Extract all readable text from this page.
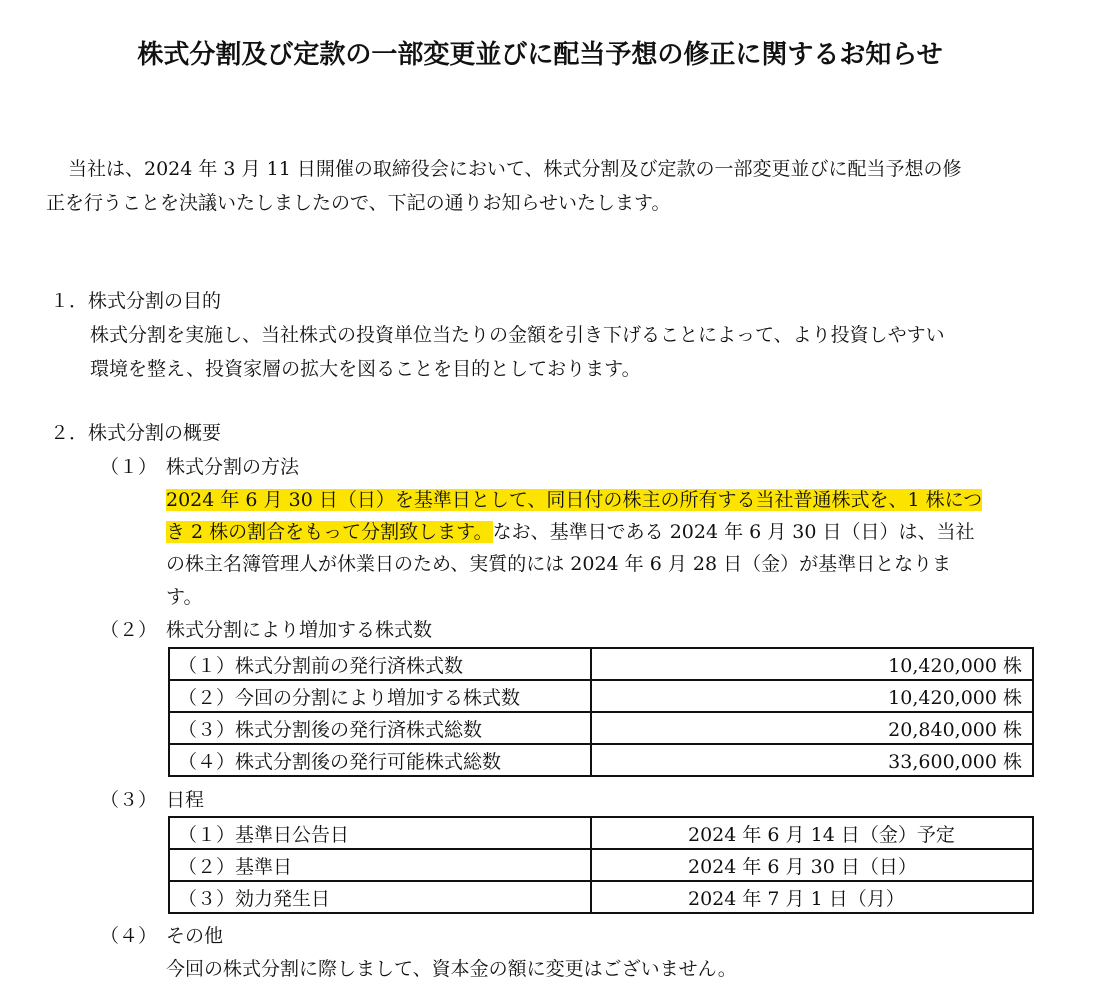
株式分割及び定款の一部変更並びに配当予想の修正に関するお知らせ
当社は、2024 年 3 月 11 日開催の取締役会において、株式分割及び定款の一部変更並びに配当予想の修
正を行うことを決議いたしましたので、下記の通りお知らせいたします。
１．株式分割の目的
株式分割を実施し、当社株式の投資単位当たりの金額を引き下げることによって、より投資しやすい
環境を整え、投資家層の拡大を図ることを目的としております。
２．株式分割の概要
（１） 株式分割の方法
2024 年 6 月 30 日（日）を基準日として、同日付の株主の所有する当社普通株式を、1 株につ
き 2 株の割合をもって分割致します。なお、基準日である 2024 年 6 月 30 日（日）は、当社
の株主名簿管理人が休業日のため、実質的には 2024 年 6 月 28 日（金）が基準日となりま
す。
（２） 株式分割により増加する株式数
（１）株式分割前の発行済株式数	10,420,000 株
（２）今回の分割により増加する株式数	10,420,000 株
（３）株式分割後の発行済株式総数	20,840,000 株
（４）株式分割後の発行可能株式総数	33,600,000 株
（３） 日程
（１）基準日公告日	2024 年 6 月 14 日（金）予定
（２）基準日	2024 年 6 月 30 日（日）
（３）効力発生日	2024 年 7 月 1 日（月）
（４） その他
今回の株式分割に際しまして、資本金の額に変更はございません。
